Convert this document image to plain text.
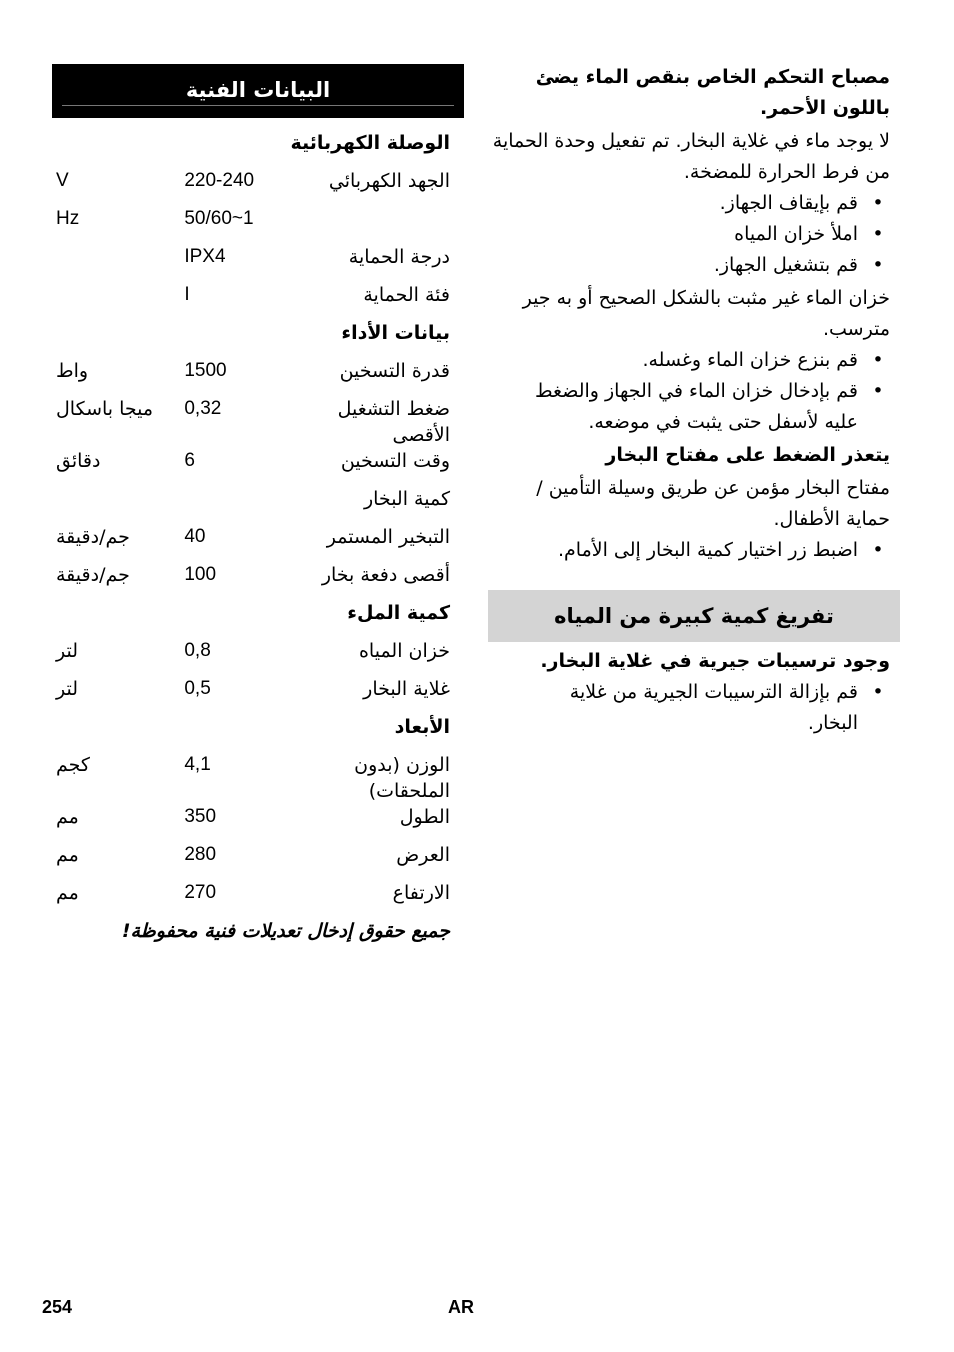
مصباح التحكم الخاص بنقص الماء يضئ باللون الأحمر.

لا يوجد ماء في غلاية البخار. تم تفعيل وحدة الحماية من فرط الحرارة للمضخة.

•
قم بإيقاف الجهاز.
•
املأ خزان المياه
•
قم بتشغيل الجهاز.

خزان الماء غير مثبت بالشكل الصحيح أو به جير مترسب.

•
قم بنزع خزان الماء وغسله.
•
قم بإدخال خزان الماء في الجهاز والضغط عليه لأسفل حتى يثبت في موضعه.

يتعذر الضغط على مفتاح البخار

مفتاح البخار مؤمن عن طريق وسيلة التأمين / حماية الأطفال.

•
اضبط زر اختيار كمية البخار إلى الأمام.
تفريغ كمية كبيرة من المياه

وجود ترسيبات جيرية في غلاية البخار.

•
قم بإزالة الترسيبات الجيرية من غلاية البخار.
البيانات الفنية
الوصلة الكهربائية		
الجهد الكهربائي	220-240	V
	1~50/60	Hz
درجة الحماية	IPX4	
فئة الحماية	I	
بيانات الأداء		
قدرة التسخين	1500	واط
ضغط التشغيل الأقصى	0,32	ميجا باسكال
وقت التسخين	6	دقائق
كمية البخار		
التبخير المستمر	40	جم/دقيقة
أقصى دفعة بخار	100	جم/دقيقة
كمية الملء		
خزان المياه	0,8	لتر
غلاية البخار	0,5	لتر
الأبعاد		
الوزن (بدون الملحقات)	4,1	كجم
الطول	350	مم
العرض	280	مم
الارتفاع	270	مم
جميع حقوق إدخال تعديلات فنية محفوظة!
254	AR
